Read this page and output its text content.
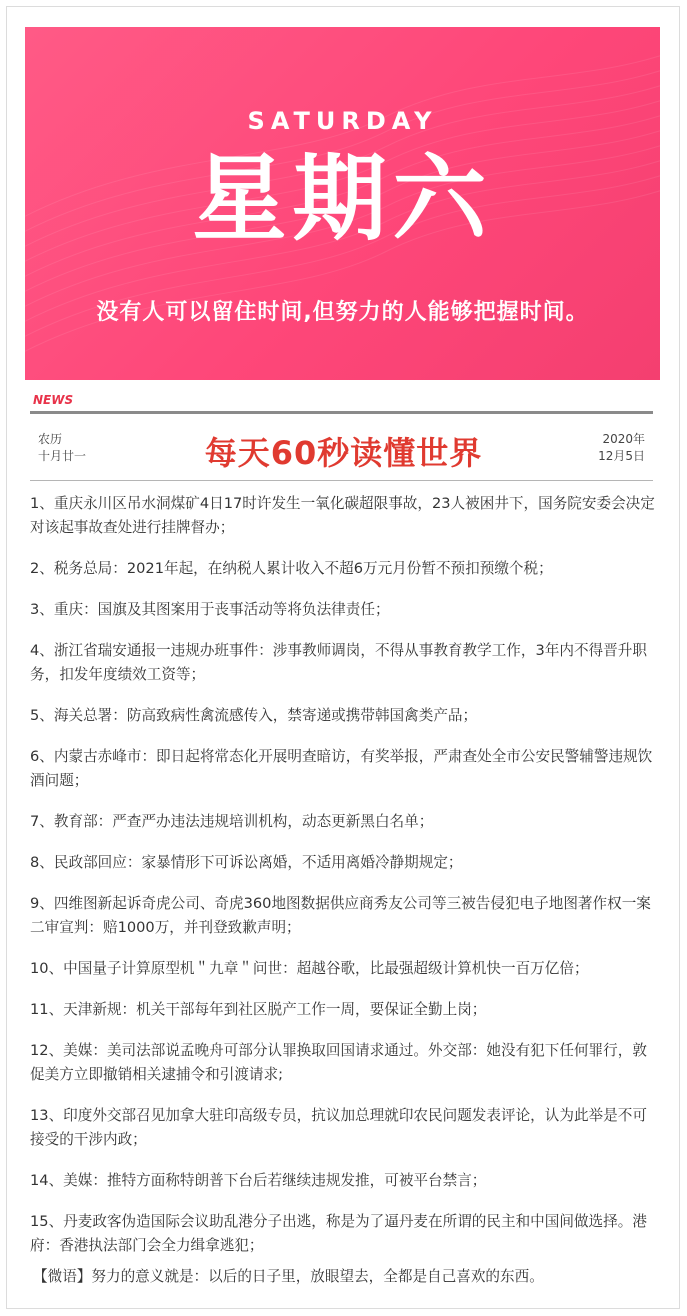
SATURDAY
星期六
没有人可以留住时间,但努力的人能够把握时间。
NEWS
农历
十月廿一	每天60秒读懂世界	2020年
12月5日
1、重庆永川区吊水洞煤矿4日17时许发生一氧化碳超限事故，23人被困井下，国务院安委会决定对该起事故查处进行挂牌督办；
2、税务总局：2021年起，在纳税人累计收入不超6万元月份暂不预扣预缴个税；
3、重庆：国旗及其图案用于丧事活动等将负法律责任；
4、浙江省瑞安通报一违规办班事件：涉事教师调岗，不得从事教育教学工作，3年内不得晋升职务，扣发年度绩效工资等；
5、海关总署：防高致病性禽流感传入，禁寄递或携带韩国禽类产品；
6、内蒙古赤峰市：即日起将常态化开展明查暗访，有奖举报，严肃查处全市公安民警辅警违规饮酒问题；
7、教育部：严查严办违法违规培训机构，动态更新黑白名单；
8、民政部回应：家暴情形下可诉讼离婚，不适用离婚冷静期规定；
9、四维图新起诉奇虎公司、奇虎360地图数据供应商秀友公司等三被告侵犯电子地图著作权一案二审宣判：赔1000万，并刊登致歉声明；
10、中国量子计算原型机＂九章＂问世：超越谷歌，比最强超级计算机快一百万亿倍；
11、天津新规：机关干部每年到社区脱产工作一周，要保证全勤上岗；
12、美媒：美司法部说孟晚舟可部分认罪换取回国请求通过。外交部：她没有犯下任何罪行，敦促美方立即撤销相关逮捕令和引渡请求;
13、印度外交部召见加拿大驻印高级专员，抗议加总理就印农民问题发表评论，认为此举是不可接受的干涉内政；
14、美媒：推特方面称特朗普下台后若继续违规发推，可被平台禁言；
15、丹麦政客伪造国际会议助乱港分子出逃，称是为了逼丹麦在所谓的民主和中国间做选择。港府：香港执法部门会全力缉拿逃犯；
【微语】努力的意义就是：以后的日子里，放眼望去，全都是自己喜欢的东西。
